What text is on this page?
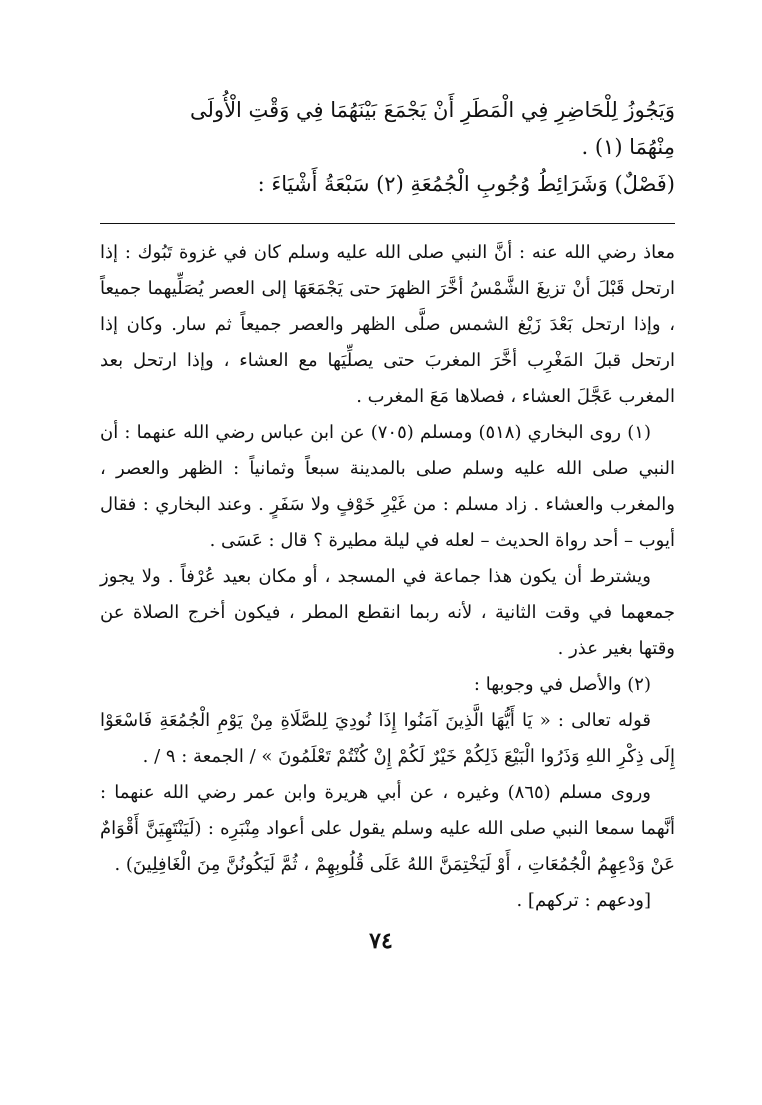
وَيَجُوزُ لِلْحَاضِرِ فِي الْمَطَرِ أَنْ يَجْمَعَ بَيْنَهُمَا فِي وَقْتِ الْأُولَى

مِنْهُمَا (١) .

(فَصْلٌ) وَشَرَائِطُ وُجُوبِ الْجُمُعَةِ (٢) سَبْعَةُ أَشْيَاءَ :

معاذ رضي الله عنه : أنَّ النبي صلى الله عليه وسلم كان في غزوة تَبُوك : إذا ارتحل قَبْلَ أنْ تزيغَ الشَّمْسُ أخَّرَ الظهرَ حتى يَجْمَعَهَا إلى العصر يُصَلِّيهما جميعاً ، وإذا ارتحل بَعْدَ زَيْغ الشمس صلَّى الظهر والعصر جميعاً ثم سار. وكان إذا ارتحل قبلَ المَغْرِب أخَّرَ المغربَ حتى يصلِّيَها مع العشاء ، وإذا ارتحل بعد المغرب عَجَّلَ العشاء ، فصلاها مَعَ المغرب .

(١) روى البخاري (٥١٨) ومسلم (٧٠٥) عن ابن عباس رضي الله عنهما : أن النبي صلى الله عليه وسلم صلى بالمدينة سبعاً وثمانياً : الظهر والعصر ، والمغرب والعشاء . زاد مسلم : من غَيْرِ خَوْفٍ ولا سَفَرٍ . وعند البخاري : فقال أيوب – أحد رواة الحديث – لعله في ليلة مطيرة ؟ قال : عَسَى .

ويشترط أن يكون هذا جماعة في المسجد ، أو مكان بعيد عُرْفاً . ولا يجوز جمعهما في وقت الثانية ، لأنه ربما انقطع المطر ، فيكون أخرج الصلاة عن وقتها بغير عذر .

(٢) والأصل في وجوبها :

قوله تعالى : « يَا أَيُّهَا الَّذِينَ آمَنُوا إِذَا نُودِيَ لِلصَّلَاةِ مِنْ يَوْمِ الْجُمُعَةِ فَاسْعَوْا إِلَى ذِكْرِ اللهِ وَذَرُوا الْبَيْعَ ذَلِكُمْ خَيْرٌ لَكُمْ إِنْ كُنْتُمْ تَعْلَمُونَ » / الجمعة : ٩ / .

وروى مسلم (٨٦٥) وغيره ، عن أبي هريرة وابن عمر رضي الله عنهما : أنَّهما سمعا النبي صلى الله عليه وسلم يقول على أعواد مِنْبَرِه : (لَيَنْتَهِيَنَّ أَقْوَامٌ عَنْ وَدْعِهِمُ الْجُمُعَاتِ ، أَوْ لَيَخْتِمَنَّ اللهُ عَلَى قُلُوبِهِمْ ، ثُمَّ لَيَكُونُنَّ مِنَ الْغَافِلِينَ) .

[ودعهم : تركهم] .

٧٤
